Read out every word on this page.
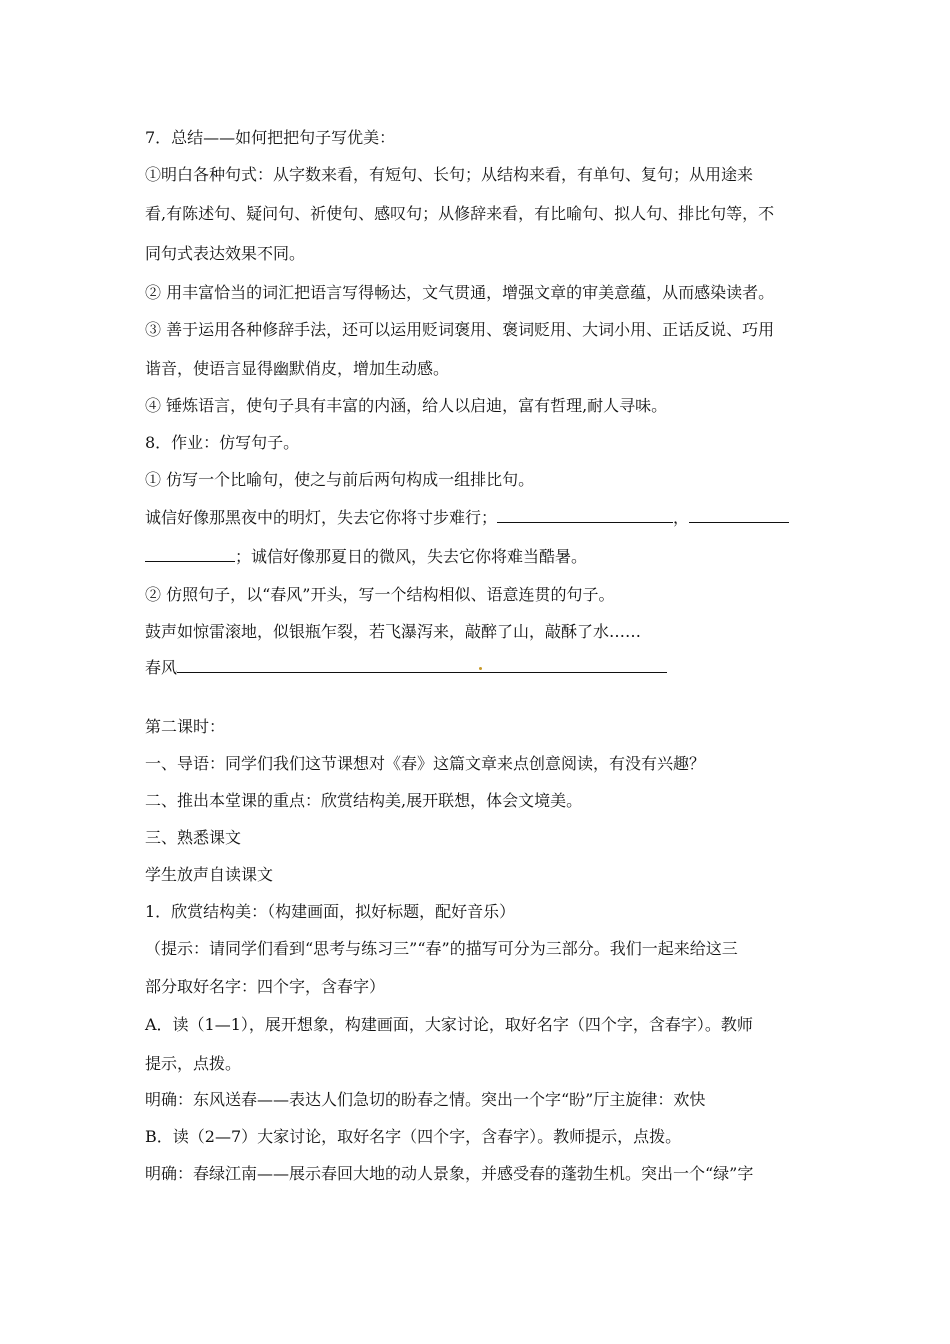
7．总结——如何把把句子写优美：
①明白各种句式：从字数来看，有短句、长句；从结构来看，有单句、复句；从用途来
看,有陈述句、疑问句、祈使句、感叹句；从修辞来看，有比喻句、拟人句、排比句等，不
同句式表达效果不同。
② 用丰富恰当的词汇把语言写得畅达，文气贯通，增强文章的审美意蕴，从而感染读者。
③ 善于运用各种修辞手法，还可以运用贬词褒用、褒词贬用、大词小用、正话反说、巧用
谐音，使语言显得幽默俏皮，增加生动感。
④ 锤炼语言，使句子具有丰富的内涵，给人以启迪，富有哲理,耐人寻味。
8．作业：仿写句子。
① 仿写一个比喻句，使之与前后两句构成一组排比句。
诚信好像那黑夜中的明灯，失去它你将寸步难行；	，
；诚信好像那夏日的微风，失去它你将难当酷暑。
② 仿照句子，以“春风”开头，写一个结构相似、语意连贯的句子。
鼓声如惊雷滚地，似银瓶乍裂，若飞瀑泻来，敲醉了山，敲酥了水……
春风
第二课时：
一、导语：同学们我们这节课想对《春》这篇文章来点创意阅读，有没有兴趣？
二、推出本堂课的重点：欣赏结构美,展开联想，体会文境美。
三、熟悉课文
学生放声自读课文
1．欣赏结构美：（构建画面，拟好标题，配好音乐）
（提示：请同学们看到“思考与练习三”“春”的描写可分为三部分。我们一起来给这三
部分取好名字：四个字，含春字）
A．读（1—1），展开想象，构建画面，大家讨论，取好名字（四个字，含春字）。教师
提示，点拨。
明确：东风送春——表达人们急切的盼春之情。突出一个字“盼”厅主旋律：欢快
B．读（2—7）大家讨论，取好名字（四个字，含春字）。教师提示，点拨。
明确：春绿江南——展示春回大地的动人景象，并感受春的蓬勃生机。突出一个“绿”字
